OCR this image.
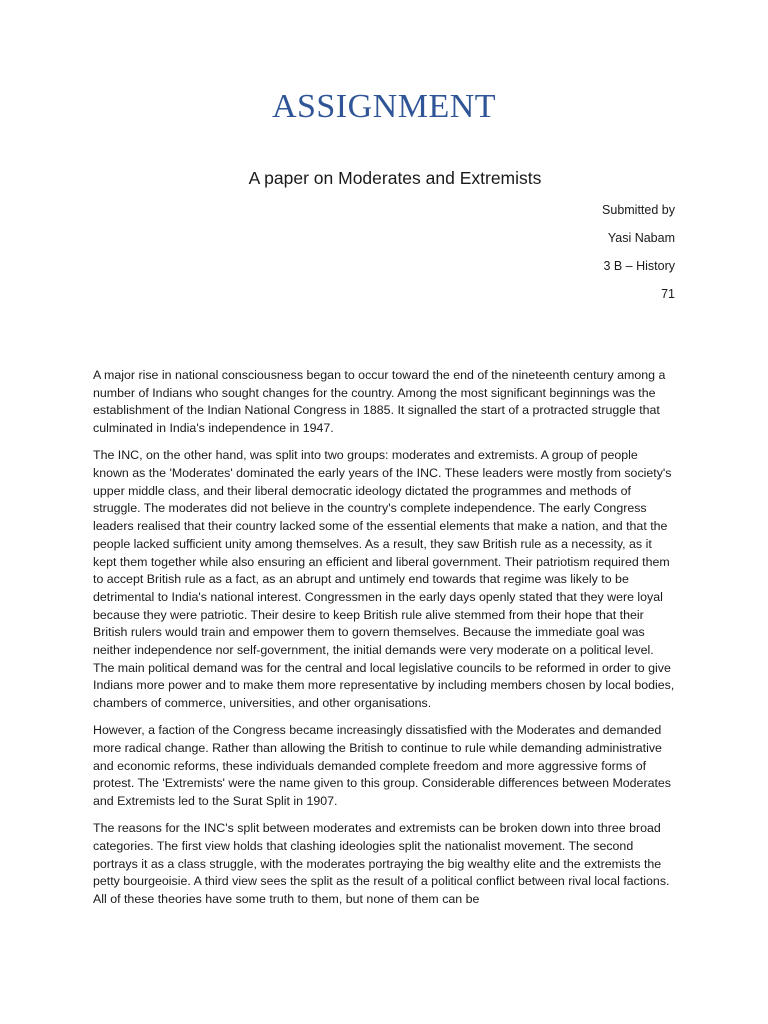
ASSIGNMENT
A paper on Moderates and Extremists
Submitted by
Yasi Nabam
3 B – History
71

A major rise in national consciousness began to occur toward the end of the nineteenth century among a number of Indians who sought changes for the country. Among the most significant beginnings was the establishment of the Indian National Congress in 1885. It signalled the start of a protracted struggle that culminated in India's independence in 1947.

The INC, on the other hand, was split into two groups: moderates and extremists. A group of people known as the 'Moderates' dominated the early years of the INC. These leaders were mostly from society's upper middle class, and their liberal democratic ideology dictated the programmes and methods of struggle. The moderates did not believe in the country's complete independence. The early Congress leaders realised that their country lacked some of the essential elements that make a nation, and that the people lacked sufficient unity among themselves. As a result, they saw British rule as a necessity, as it kept them together while also ensuring an efficient and liberal government. Their patriotism required them to accept British rule as a fact, as an abrupt and untimely end towards that regime was likely to be detrimental to India's national interest. Congressmen in the early days openly stated that they were loyal because they were patriotic. Their desire to keep British rule alive stemmed from their hope that their British rulers would train and empower them to govern themselves. Because the immediate goal was neither independence nor self-government, the initial demands were very moderate on a political level. The main political demand was for the central and local legislative councils to be reformed in order to give Indians more power and to make them more representative by including members chosen by local bodies, chambers of commerce, universities, and other organisations.

However, a faction of the Congress became increasingly dissatisfied with the Moderates and demanded more radical change. Rather than allowing the British to continue to rule while demanding administrative and economic reforms, these individuals demanded complete freedom and more aggressive forms of protest. The 'Extremists' were the name given to this group. Considerable differences between Moderates and Extremists led to the Surat Split in 1907.

The reasons for the INC's split between moderates and extremists can be broken down into three broad categories. The first view holds that clashing ideologies split the nationalist movement. The second portrays it as a class struggle, with the moderates portraying the big wealthy elite and the extremists the petty bourgeoisie. A third view sees the split as the result of a political conflict between rival local factions. All of these theories have some truth to them, but none of them can be
